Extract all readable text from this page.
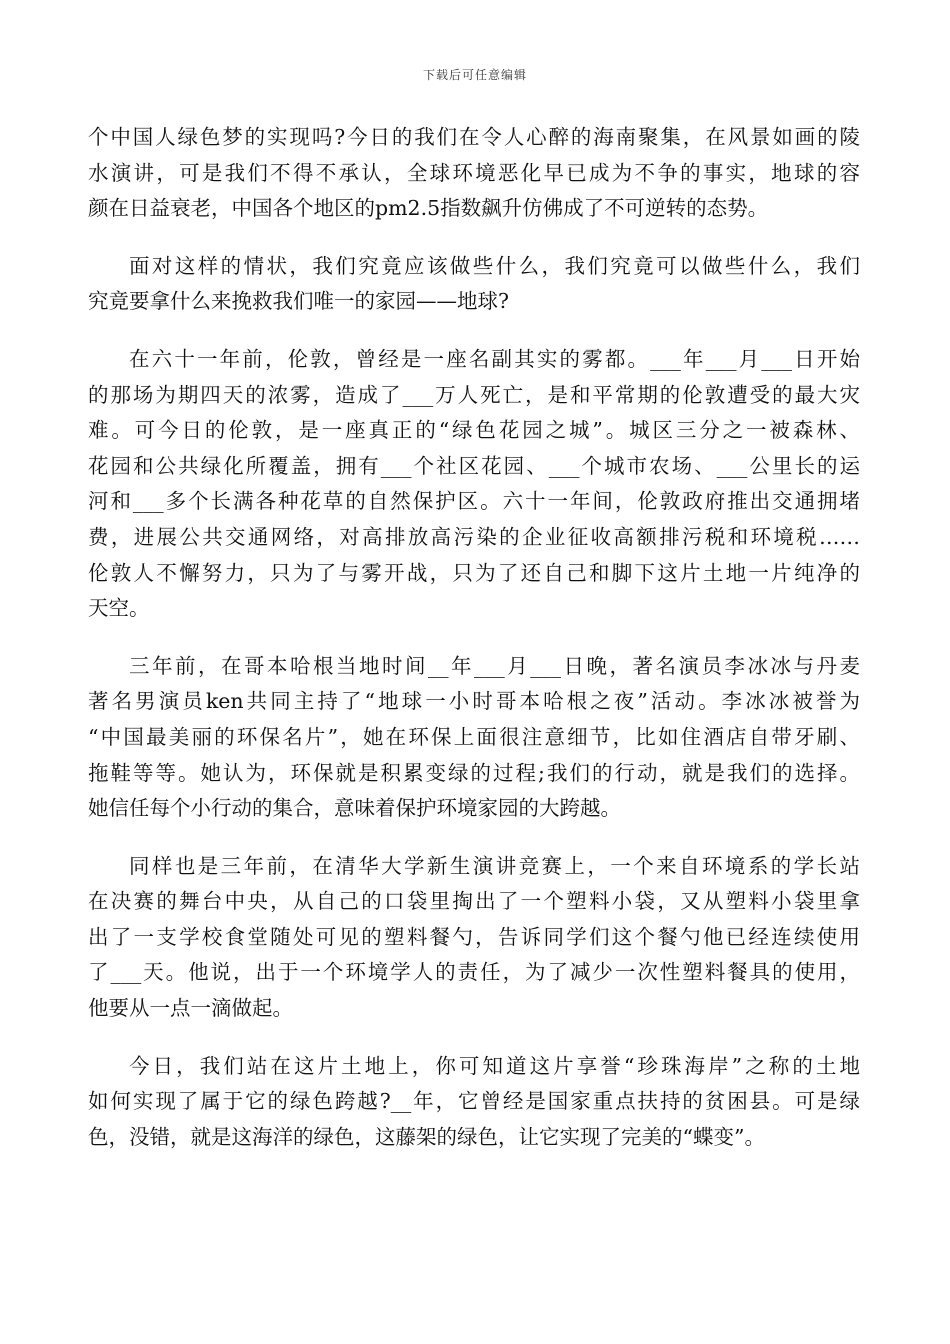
下载后可任意编辑

个中国人绿色梦的实现吗?今日的我们在令人心醉的海南聚集，在风景如画的陵
水演讲，可是我们不得不承认，全球环境恶化早已成为不争的事实，地球的容
颜在日益衰老，中国各个地区的pm2.5指数飙升仿佛成了不可逆转的态势。

面对这样的情状，我们究竟应该做些什么，我们究竟可以做些什么，我们
究竟要拿什么来挽救我们唯一的家园——地球?

在六十一年前，伦敦，曾经是一座名副其实的雾都。___年___月___日开始
的那场为期四天的浓雾，造成了___万人死亡，是和平常期的伦敦遭受的最大灾
难。可今日的伦敦，是一座真正的“绿色花园之城”。城区三分之一被森林、
花园和公共绿化所覆盖，拥有___个社区花园、___个城市农场、___公里长的运
河和___多个长满各种花草的自然保护区。六十一年间，伦敦政府推出交通拥堵
费，进展公共交通网络，对高排放高污染的企业征收高额排污税和环境税……
伦敦人不懈努力，只为了与雾开战，只为了还自己和脚下这片土地一片纯净的
天空。

三年前，在哥本哈根当地时间__年___月___日晚，著名演员李冰冰与丹麦
著名男演员ken共同主持了“地球一小时哥本哈根之夜”活动。李冰冰被誉为
“中国最美丽的环保名片”，她在环保上面很注意细节，比如住酒店自带牙刷、
拖鞋等等。她认为，环保就是积累变绿的过程;我们的行动，就是我们的选择。
她信任每个小行动的集合，意味着保护环境家园的大跨越。

同样也是三年前，在清华大学新生演讲竞赛上，一个来自环境系的学长站
在决赛的舞台中央，从自己的口袋里掏出了一个塑料小袋，又从塑料小袋里拿
出了一支学校食堂随处可见的塑料餐勺，告诉同学们这个餐勺他已经连续使用
了___天。他说，出于一个环境学人的责任，为了减少一次性塑料餐具的使用，
他要从一点一滴做起。

今日，我们站在这片土地上，你可知道这片享誉“珍珠海岸”之称的土地
如何实现了属于它的绿色跨越?__年，它曾经是国家重点扶持的贫困县。可是绿
色，没错，就是这海洋的绿色，这藤架的绿色，让它实现了完美的“蝶变”。
